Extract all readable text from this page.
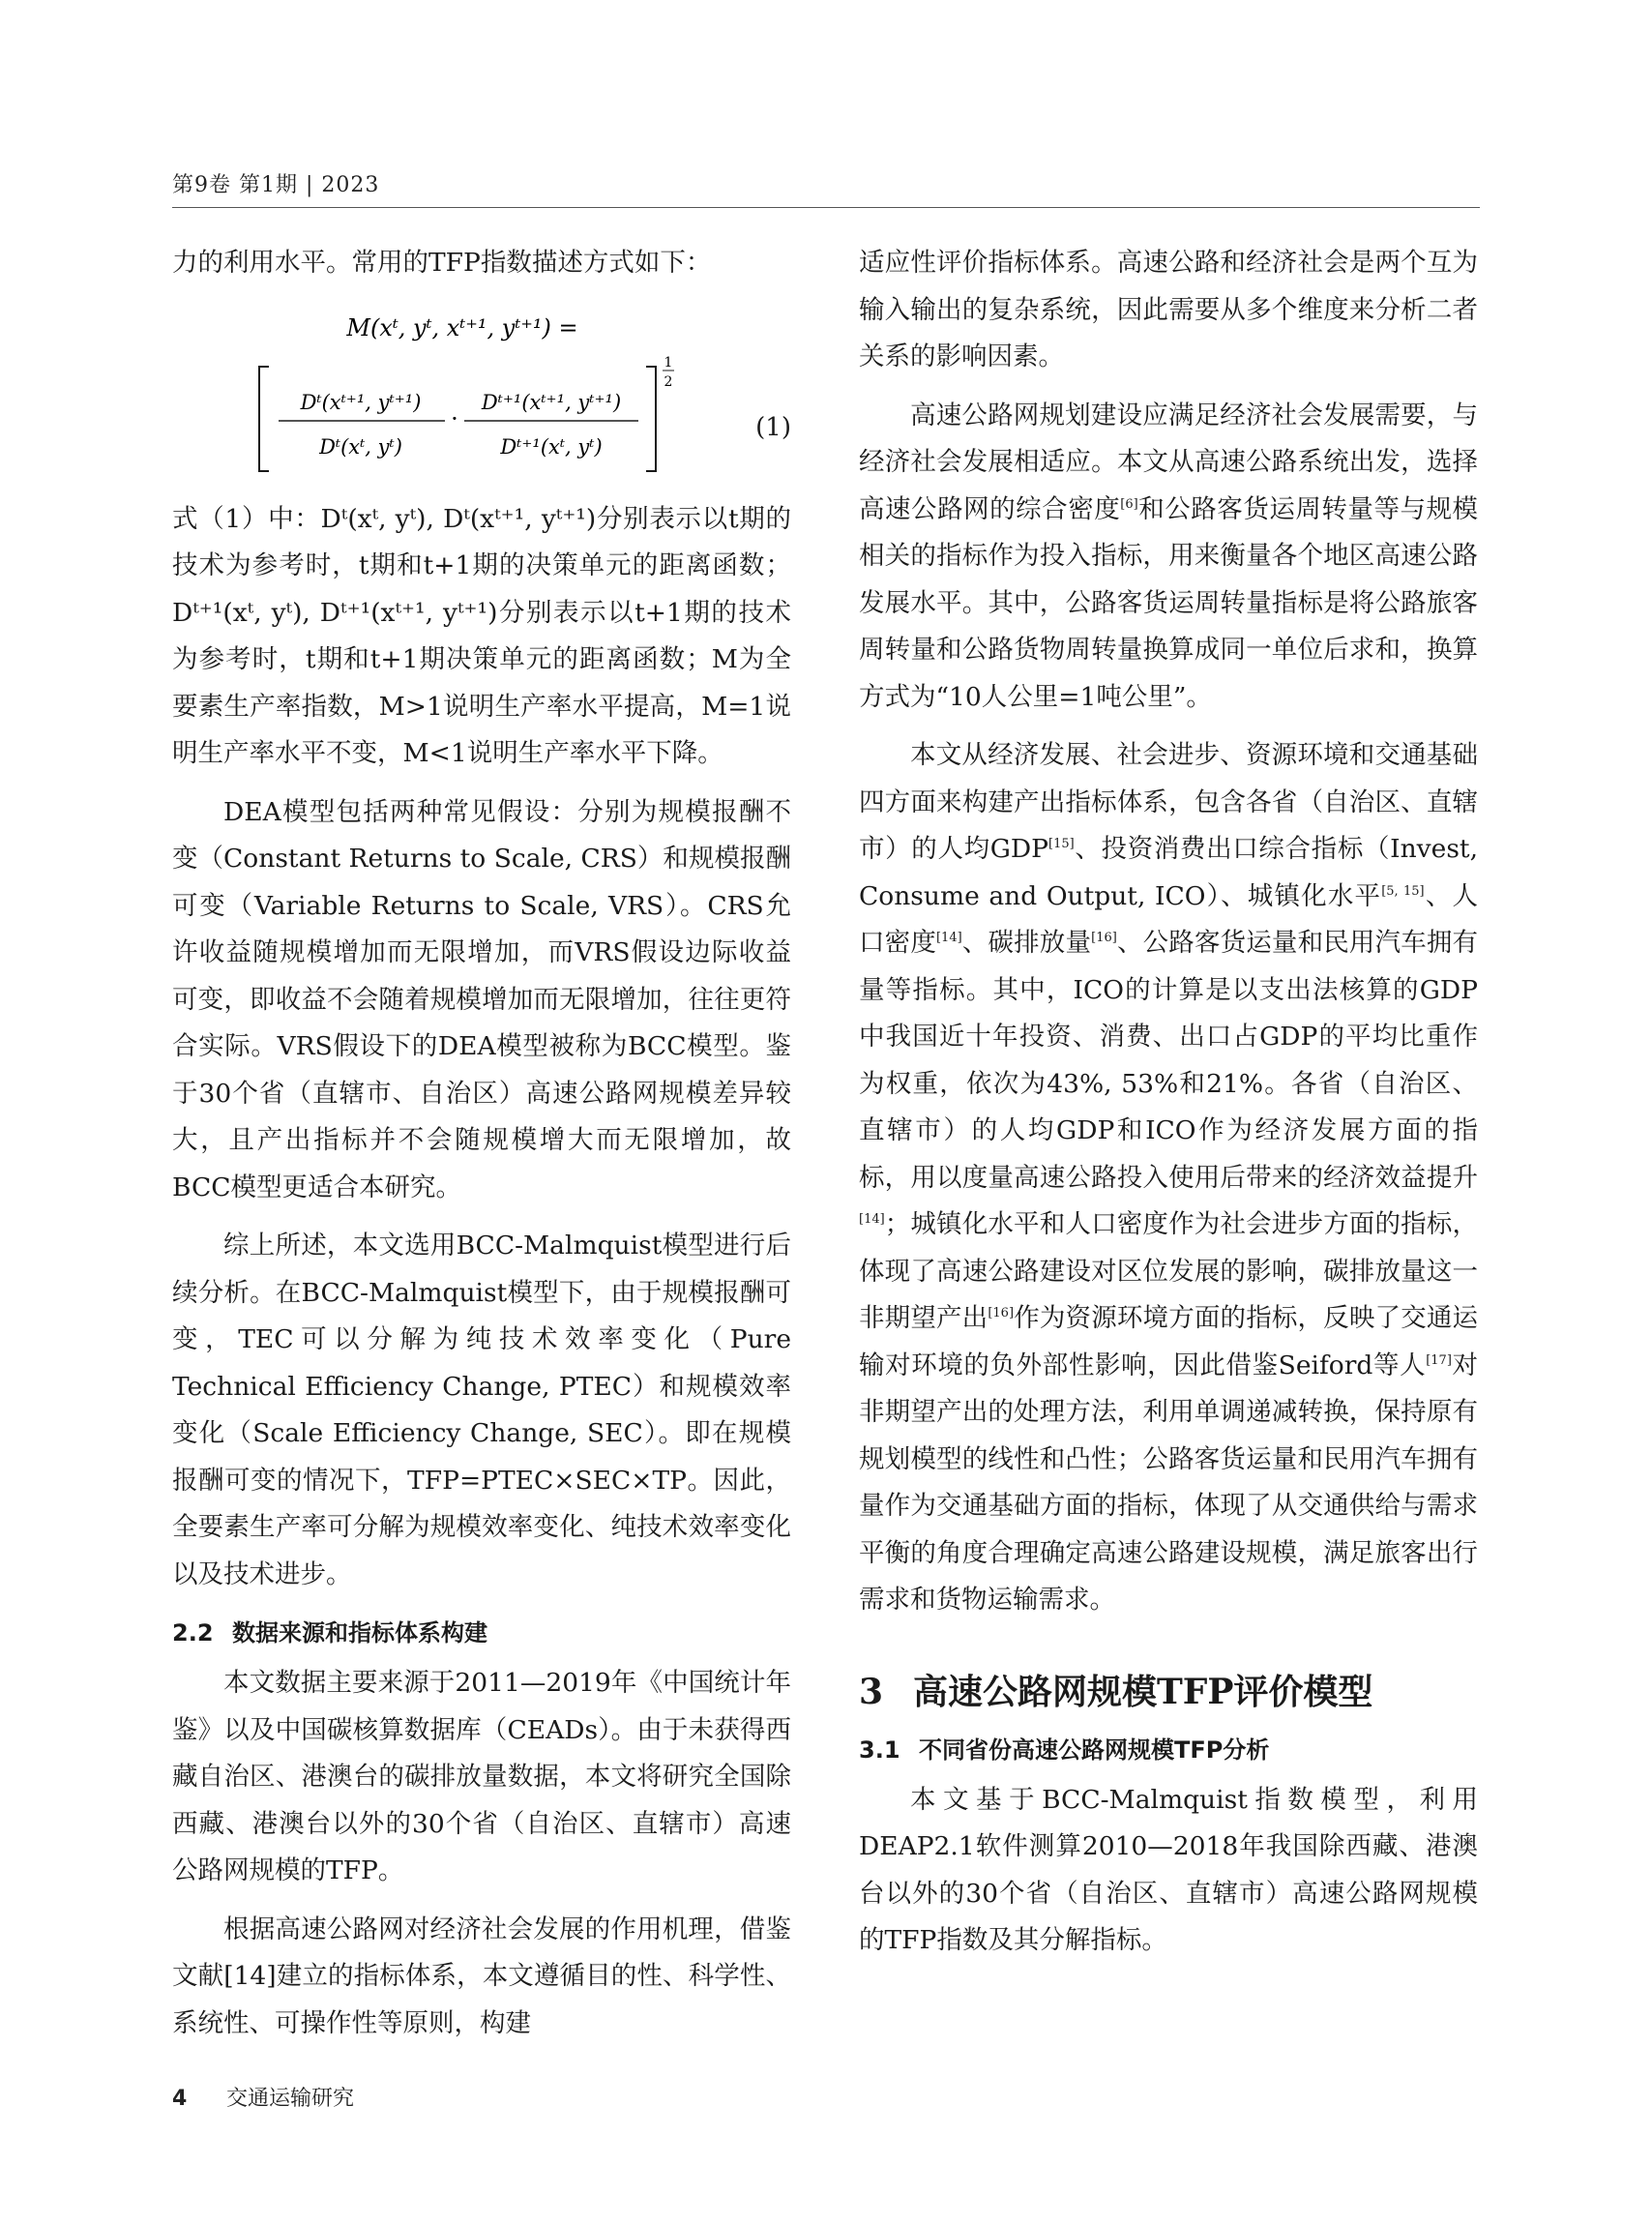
第9卷 第1期 | 2023

力的利用水平。常用的TFP指数描述方式如下：

M(xᵗ, yᵗ, xᵗ⁺¹, yᵗ⁺¹) =
Dᵗ(xᵗ⁺¹, yᵗ⁺¹)
Dᵗ(xᵗ, yᵗ)
·
Dᵗ⁺¹(xᵗ⁺¹, yᵗ⁺¹)
Dᵗ⁺¹(xᵗ, yᵗ)
1
2
(1)

式（1）中：Dᵗ(xᵗ, yᵗ), Dᵗ(xᵗ⁺¹, yᵗ⁺¹)分别表示以t期的技术为参考时，t期和t+1期的决策单元的距离函数；Dᵗ⁺¹(xᵗ, yᵗ), Dᵗ⁺¹(xᵗ⁺¹, yᵗ⁺¹)分别表示以t+1期的技术为参考时，t期和t+1期决策单元的距离函数；M为全要素生产率指数，M>1说明生产率水平提高，M=1说明生产率水平不变，M<1说明生产率水平下降。

DEA模型包括两种常见假设：分别为规模报酬不变（Constant Returns to Scale, CRS）和规模报酬可变（Variable Returns to Scale, VRS）。CRS允许收益随规模增加而无限增加，而VRS假设边际收益可变，即收益不会随着规模增加而无限增加，往往更符合实际。VRS假设下的DEA模型被称为BCC模型。鉴于30个省（直辖市、自治区）高速公路网规模差异较大，且产出指标并不会随规模增大而无限增加，故BCC模型更适合本研究。

综上所述，本文选用BCC-Malmquist模型进行后续分析。在BCC-Malmquist模型下，由于规模报酬可变，TEC可以分解为纯技术效率变化（Pure Technical Efficiency Change, PTEC）和规模效率变化（Scale Efficiency Change, SEC）。即在规模报酬可变的情况下，TFP=PTEC×SEC×TP。因此，全要素生产率可分解为规模效率变化、纯技术效率变化以及技术进步。

2.2 数据来源和指标体系构建

本文数据主要来源于2011—2019年《中国统计年鉴》以及中国碳核算数据库（CEADs）。由于未获得西藏自治区、港澳台的碳排放量数据，本文将研究全国除西藏、港澳台以外的30个省（自治区、直辖市）高速公路网规模的TFP。

根据高速公路网对经济社会发展的作用机理，借鉴文献[14]建立的指标体系，本文遵循目的性、科学性、系统性、可操作性等原则，构建

适应性评价指标体系。高速公路和经济社会是两个互为输入输出的复杂系统，因此需要从多个维度来分析二者关系的影响因素。

高速公路网规划建设应满足经济社会发展需要，与经济社会发展相适应。本文从高速公路系统出发，选择高速公路网的综合密度[6]和公路客货运周转量等与规模相关的指标作为投入指标，用来衡量各个地区高速公路发展水平。其中，公路客货运周转量指标是将公路旅客周转量和公路货物周转量换算成同一单位后求和，换算方式为“10人公里=1吨公里”。

本文从经济发展、社会进步、资源环境和交通基础四方面来构建产出指标体系，包含各省（自治区、直辖市）的人均GDP[15]、投资消费出口综合指标（Invest, Consume and Output, ICO）、城镇化水平[5, 15]、人口密度[14]、碳排放量[16]、公路客货运量和民用汽车拥有量等指标。其中，ICO的计算是以支出法核算的GDP中我国近十年投资、消费、出口占GDP的平均比重作为权重，依次为43%, 53%和21%。各省（自治区、直辖市）的人均GDP和ICO作为经济发展方面的指标，用以度量高速公路投入使用后带来的经济效益提升[14]；城镇化水平和人口密度作为社会进步方面的指标，体现了高速公路建设对区位发展的影响，碳排放量这一非期望产出[16]作为资源环境方面的指标，反映了交通运输对环境的负外部性影响，因此借鉴Seiford等人[17]对非期望产出的处理方法，利用单调递减转换，保持原有规划模型的线性和凸性；公路客货运量和民用汽车拥有量作为交通基础方面的指标，体现了从交通供给与需求平衡的角度合理确定高速公路建设规模，满足旅客出行需求和货物运输需求。

3 高速公路网规模TFP评价模型
3.1 不同省份高速公路网规模TFP分析

本文基于BCC-Malmquist指数模型，利用DEAP2.1软件测算2010—2018年我国除西藏、港澳台以外的30个省（自治区、直辖市）高速公路网规模的TFP指数及其分解指标。

4 交通运输研究
